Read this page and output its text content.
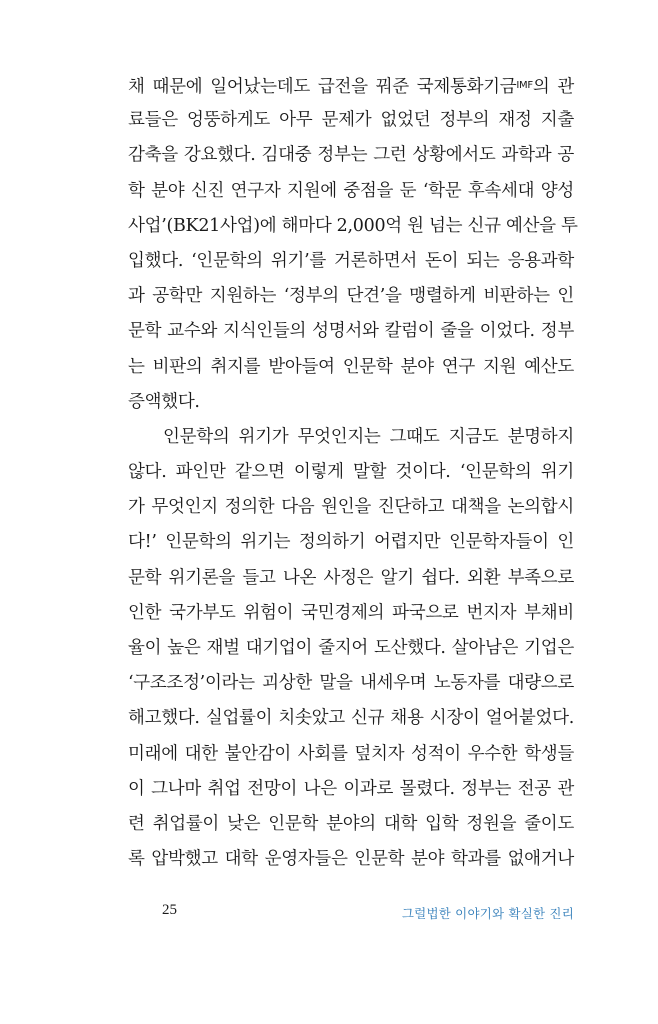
채 때문에 일어났는데도 급전을 꿔준 국제통화기금$^{IMF}$의 관
료들은 엉뚱하게도 아무 문제가 없었던 정부의 재정 지출
감축을 강요했다. 김대중 정부는 그런 상황에서도 과학과 공
학 분야 신진 연구자 지원에 중점을 둔 ‘학문 후속세대 양성
사업’(BK21사업)에 해마다 2,000억 원 넘는 신규 예산을 투
입했다. ‘인문학의 위기’를 거론하면서 돈이 되는 응용과학
과 공학만 지원하는 ‘정부의 단견’을 맹렬하게 비판하는 인
문학 교수와 지식인들의 성명서와 칼럼이 줄을 이었다. 정부
는 비판의 취지를 받아들여 인문학 분야 연구 지원 예산도
증액했다.
인문학의 위기가 무엇인지는 그때도 지금도 분명하지
않다. 파인만 같으면 이렇게 말할 것이다. ‘인문학의 위기
가 무엇인지 정의한 다음 원인을 진단하고 대책을 논의합시
다!’ 인문학의 위기는 정의하기 어렵지만 인문학자들이 인
문학 위기론을 들고 나온 사정은 알기 쉽다. 외환 부족으로
인한 국가부도 위험이 국민경제의 파국으로 번지자 부채비
율이 높은 재벌 대기업이 줄지어 도산했다. 살아남은 기업은
‘구조조정’이라는 괴상한 말을 내세우며 노동자를 대량으로
해고했다. 실업률이 치솟았고 신규 채용 시장이 얼어붙었다.
미래에 대한 불안감이 사회를 덮치자 성적이 우수한 학생들
이 그나마 취업 전망이 나은 이과로 몰렸다. 정부는 전공 관
련 취업률이 낮은 인문학 분야의 대학 입학 정원을 줄이도
록 압박했고 대학 운영자들은 인문학 분야 학과를 없애거나
25	그럴법한 이야기와 확실한 진리
